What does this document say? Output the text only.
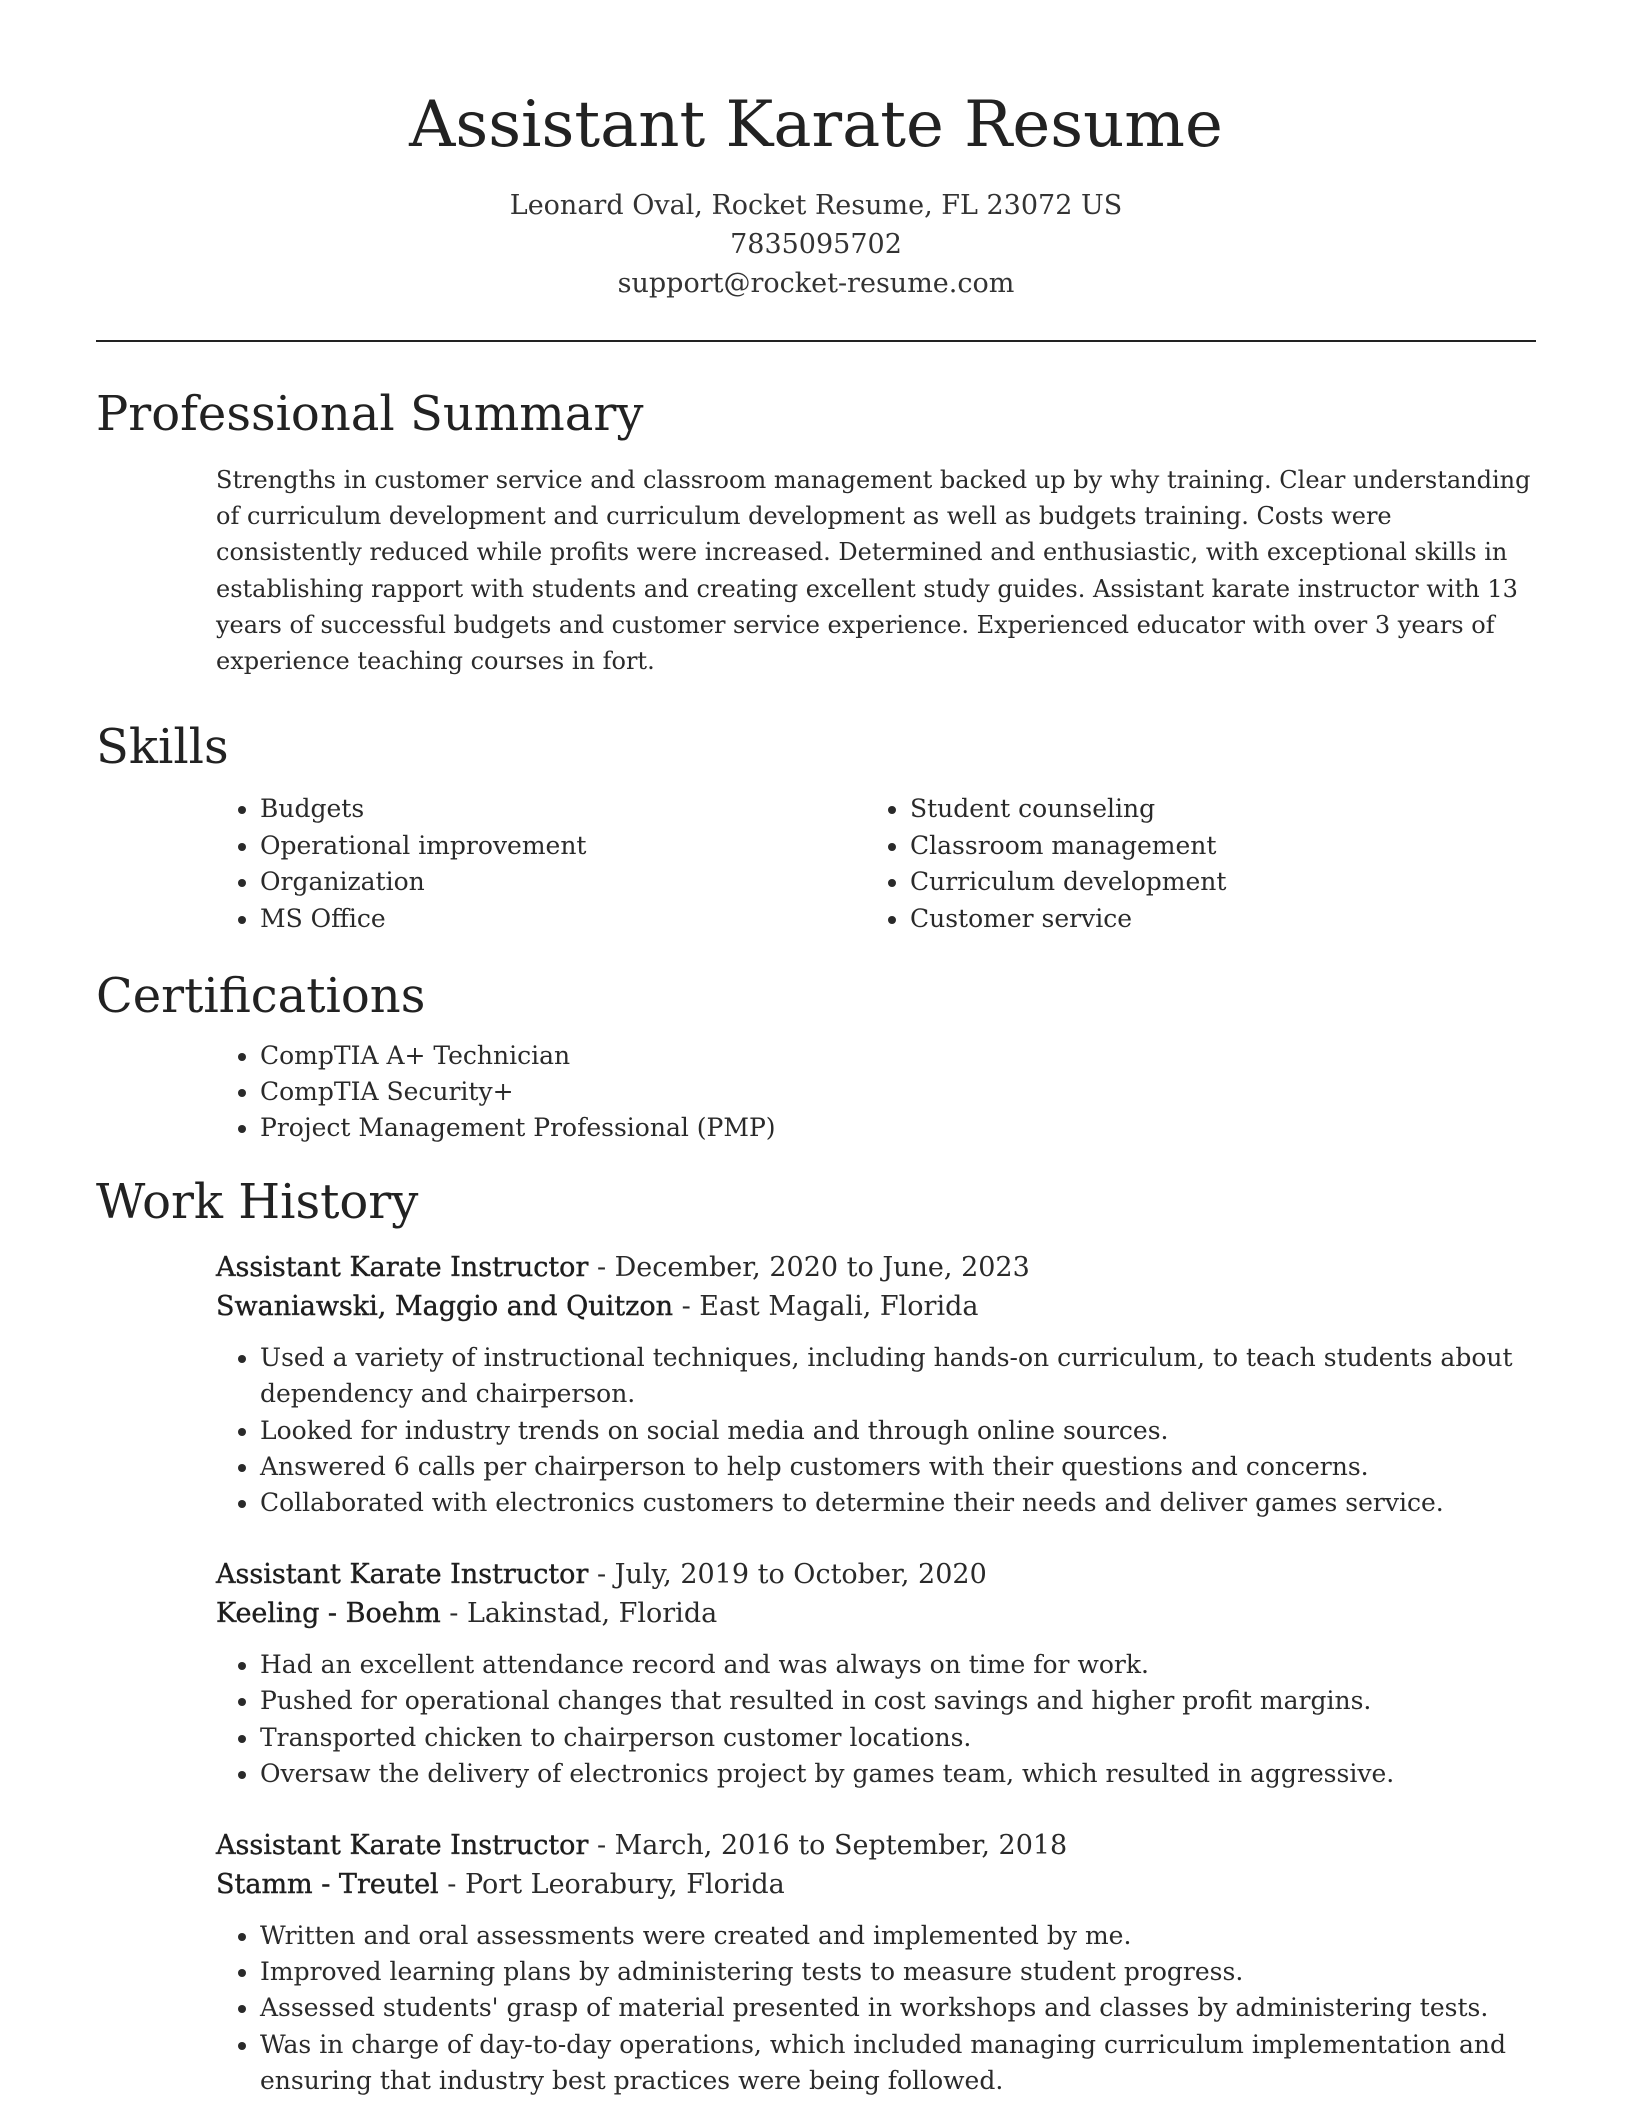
Assistant Karate Resume
Leonard Oval, Rocket Resume, FL 23072 US
7835095702
support@rocket-resume.com
Professional Summary

Strengths in customer service and classroom management backed up by why training. Clear understanding of curriculum development and curriculum development as well as budgets training. Costs were consistently reduced while profits were increased. Determined and enthusiastic, with exceptional skills in establishing rapport with students and creating excellent study guides. Assistant karate instructor with 13 years of successful budgets and customer service experience. Experienced educator with over 3 years of experience teaching courses in fort.

Skills
• Budgets
• Operational improvement
• Organization
• MS Office
• Student counseling
• Classroom management
• Curriculum development
• Customer service
Certifications
• CompTIA A+ Technician
• CompTIA Security+
• Project Management Professional (PMP)
Work History
Assistant Karate Instructor - December, 2020 to June, 2023
Swaniawski, Maggio and Quitzon - East Magali, Florida
• Used a variety of instructional techniques, including hands-on curriculum, to teach students about dependency and chairperson.
• Looked for industry trends on social media and through online sources.
• Answered 6 calls per chairperson to help customers with their questions and concerns.
• Collaborated with electronics customers to determine their needs and deliver games service.
Assistant Karate Instructor - July, 2019 to October, 2020
Keeling - Boehm - Lakinstad, Florida
• Had an excellent attendance record and was always on time for work.
• Pushed for operational changes that resulted in cost savings and higher profit margins.
• Transported chicken to chairperson customer locations.
• Oversaw the delivery of electronics project by games team, which resulted in aggressive.
Assistant Karate Instructor - March, 2016 to September, 2018
Stamm - Treutel - Port Leorabury, Florida
• Written and oral assessments were created and implemented by me.
• Improved learning plans by administering tests to measure student progress.
• Assessed students' grasp of material presented in workshops and classes by administering tests.
• Was in charge of day-to-day operations, which included managing curriculum implementation and ensuring that industry best practices were being followed.
